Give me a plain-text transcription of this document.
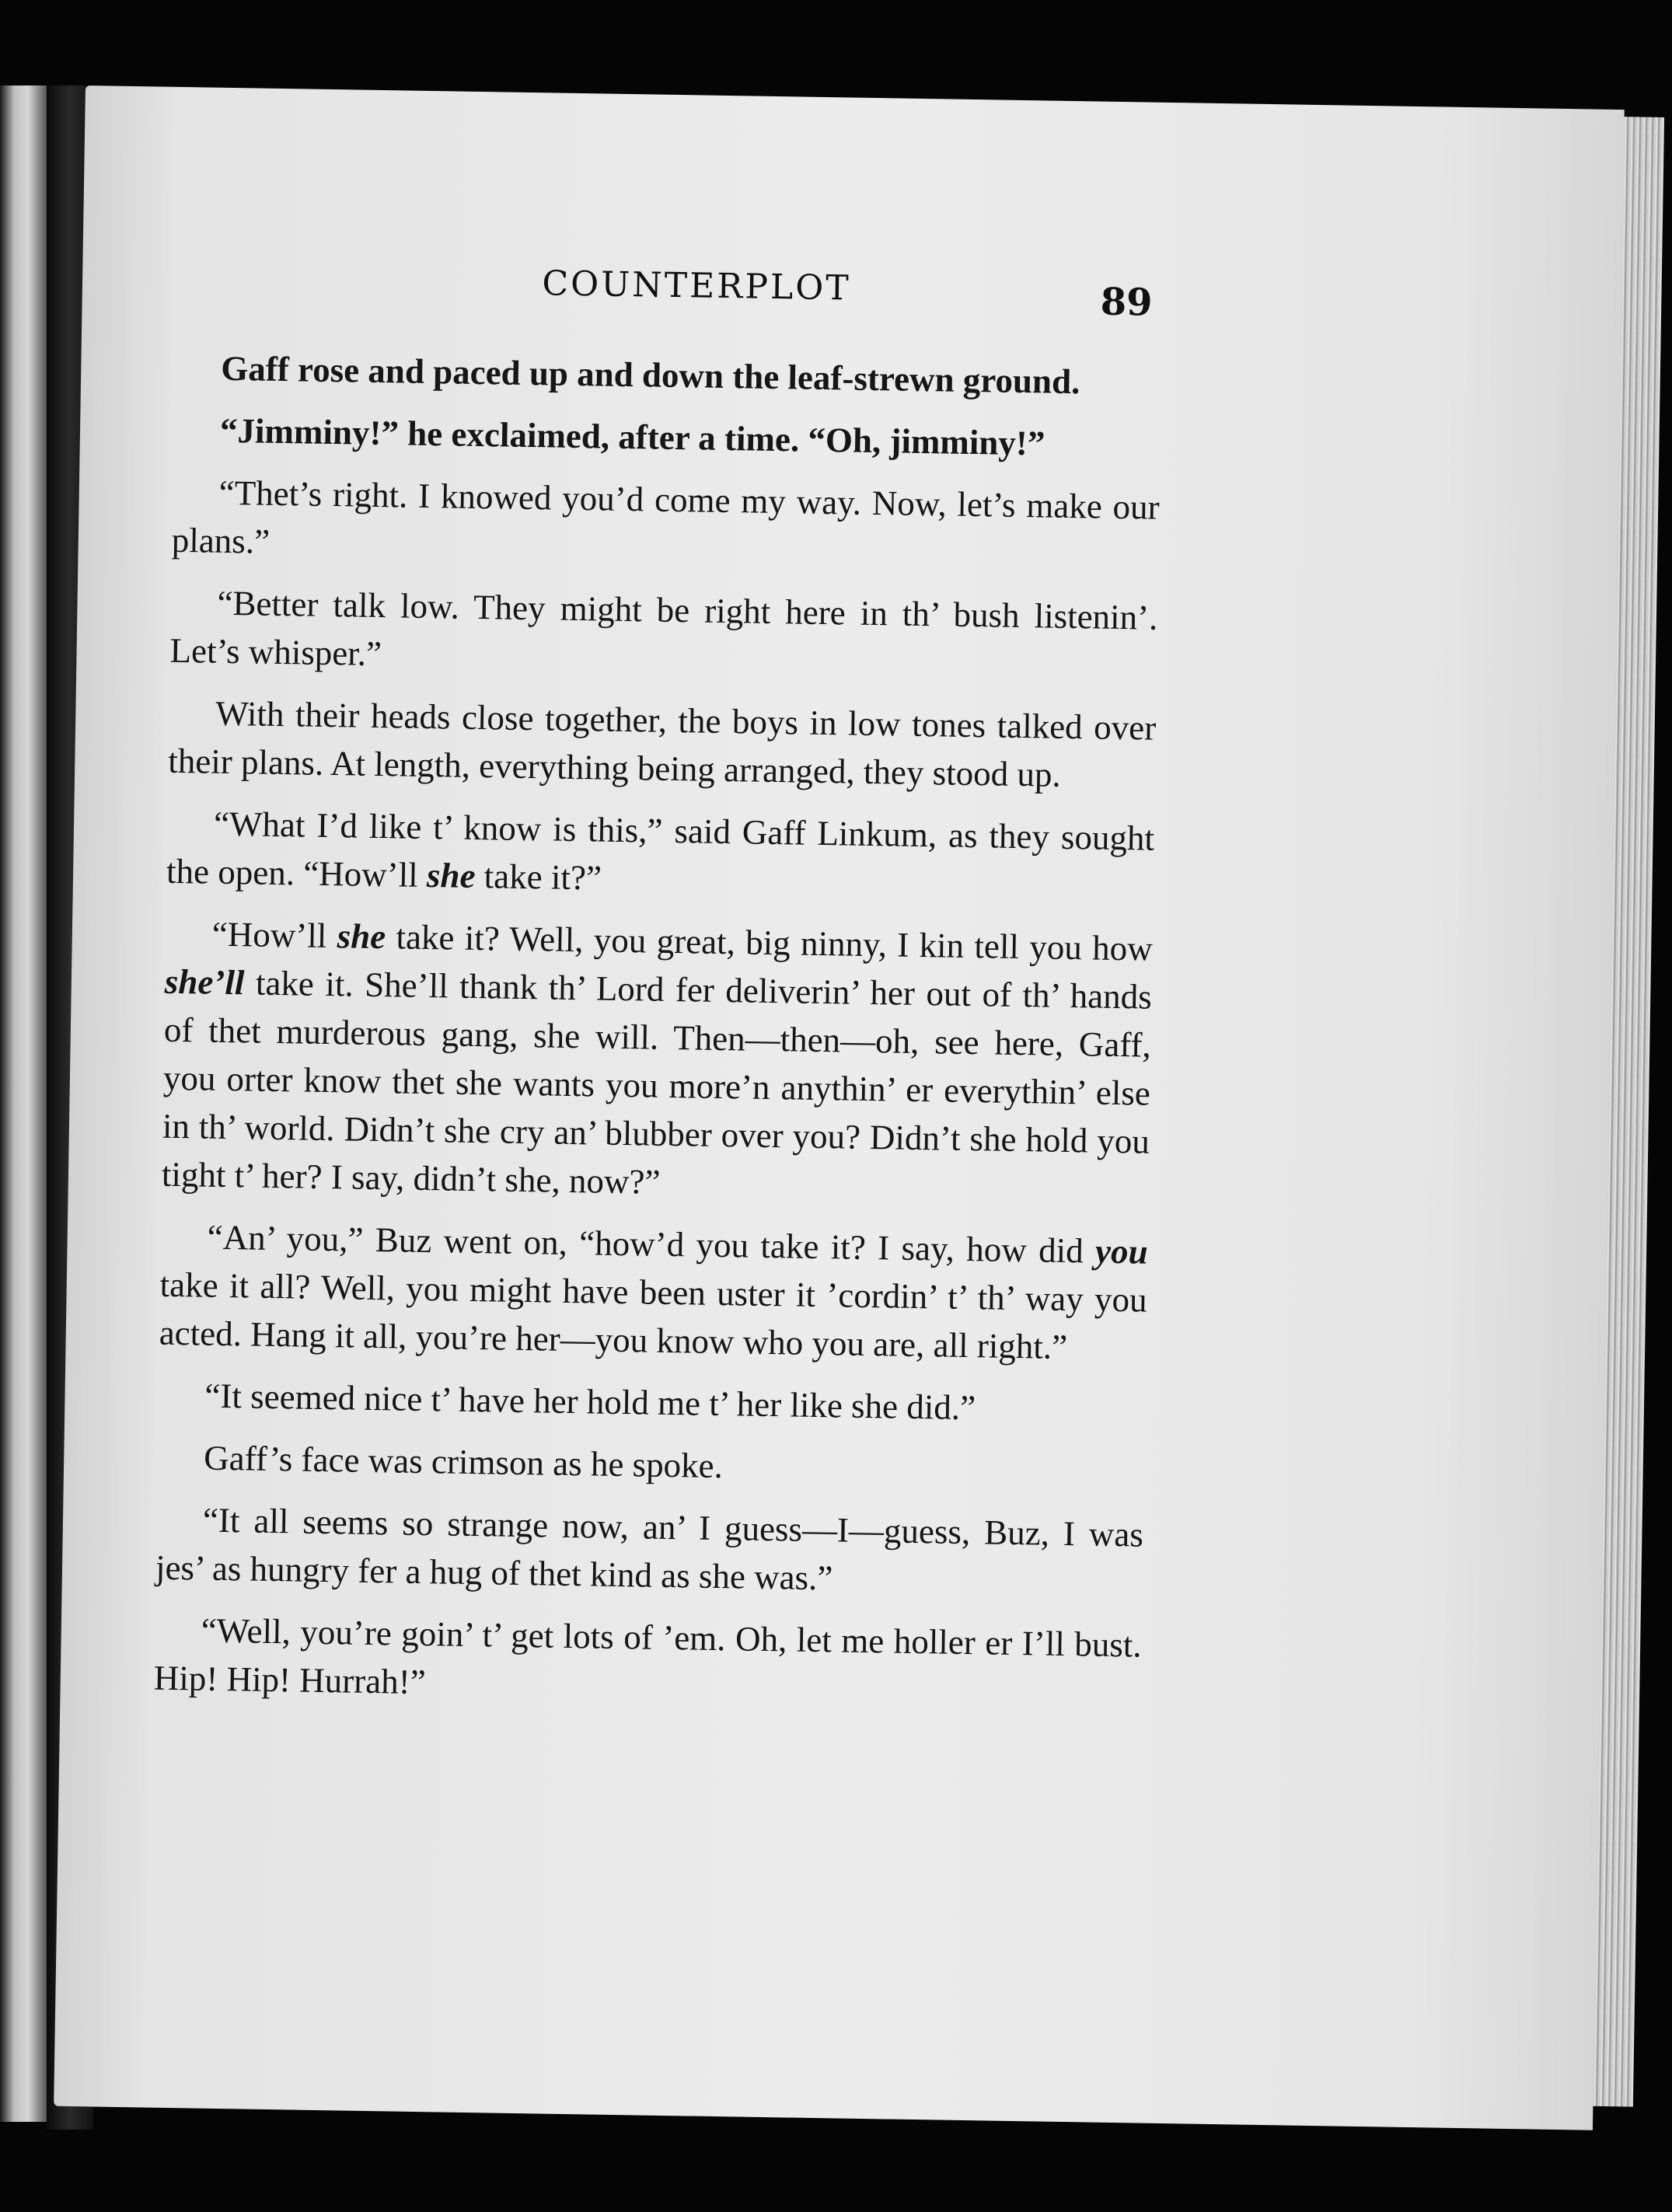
COUNTERPLOT	89

Gaff rose and paced up and down the leaf-strewn ground.

“Jimminy!” he exclaimed, after a time. “Oh, jimminy!”

“Thet’s right. I knowed you’d come my way. Now, let’s make our plans.”

“Better talk low. They might be right here in th’ bush listenin’. Let’s whisper.”

With their heads close together, the boys in low tones talked over their plans. At length, everything being arranged, they stood up.

“What I’d like t’ know is this,” said Gaff Linkum, as they sought the open. “How’ll she take it?”

“How’ll she take it? Well, you great, big ninny, I kin tell you how she’ll take it. She’ll thank th’ Lord fer deliverin’ her out of th’ hands of thet murderous gang, she will. Then—then—oh, see here, Gaff, you orter know thet she wants you more’n anythin’ er everythin’ else in th’ world. Didn’t she cry an’ blubber over you? Didn’t she hold you tight t’ her? I say, didn’t she, now?”

“An’ you,” Buz went on, “how’d you take it? I say, how did you take it all? Well, you might have been uster it ’cordin’ t’ th’ way you acted. Hang it all, you’re her—you know who you are, all right.”

“It seemed nice t’ have her hold me t’ her like she did.”

Gaff’s face was crimson as he spoke.

“It all seems so strange now, an’ I guess—I—guess, Buz, I was jes’ as hungry fer a hug of thet kind as she was.”

“Well, you’re goin’ t’ get lots of ’em. Oh, let me holler er I’ll bust. Hip! Hip! Hurrah!”
